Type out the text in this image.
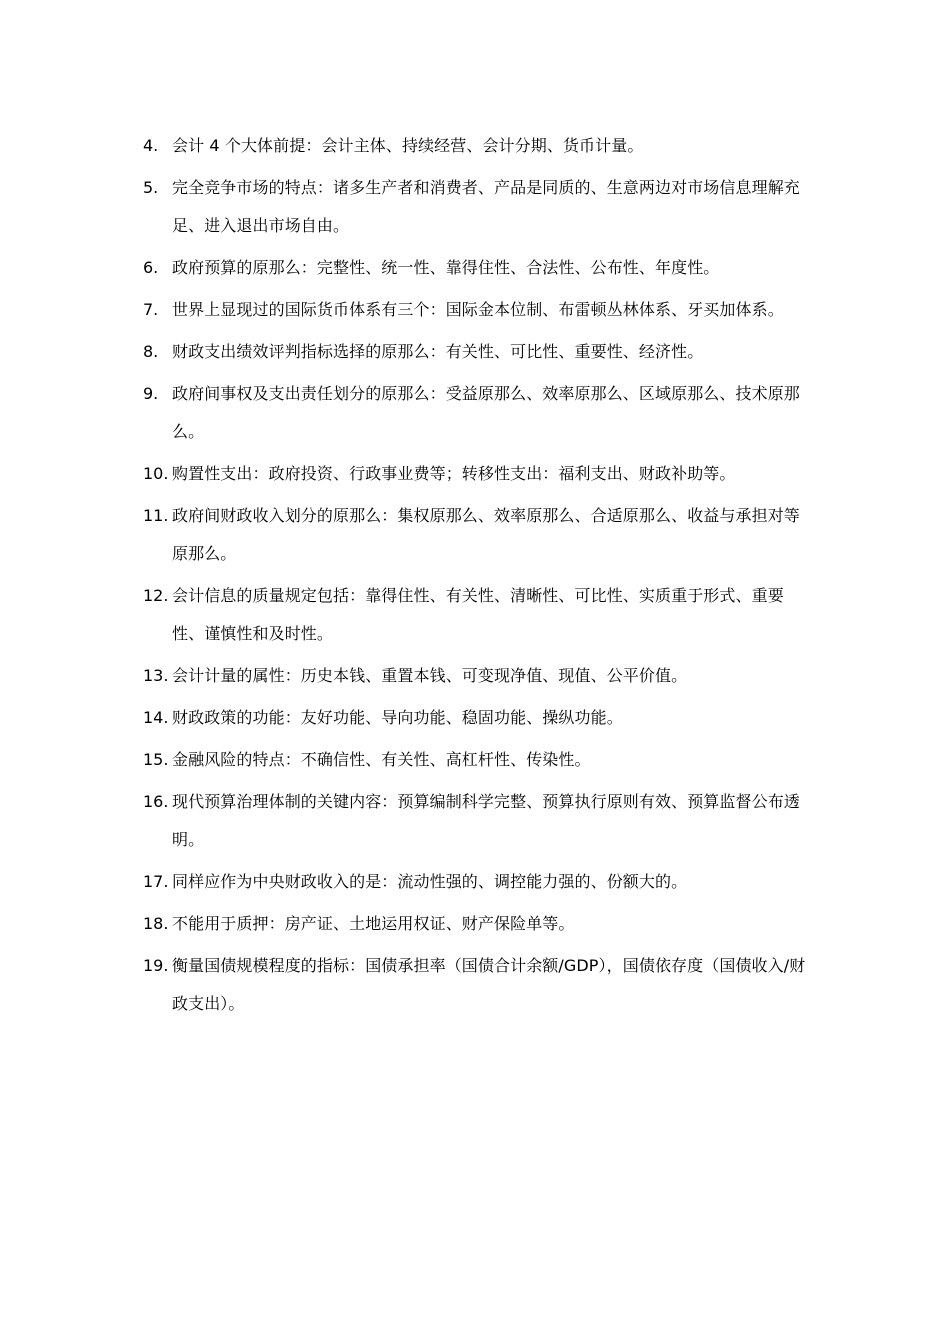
4. 会计 4 个大体前提：会计主体、持续经营、会计分期、货币计量。
5. 完全竞争市场的特点：诸多生产者和消费者、产品是同质的、生意两边对市场信息理解充足、进入退出市场自由。
6. 政府预算的原那么：完整性、统一性、靠得住性、合法性、公布性、年度性。
7. 世界上显现过的国际货币体系有三个：国际金本位制、布雷顿丛林体系、牙买加体系。
8. 财政支出绩效评判指标选择的原那么：有关性、可比性、重要性、经济性。
9. 政府间事权及支出责任划分的原那么：受益原那么、效率原那么、区域原那么、技术原那么。
10. 购置性支出：政府投资、行政事业费等；转移性支出：福利支出、财政补助等。
11. 政府间财政收入划分的原那么：集权原那么、效率原那么、合适原那么、收益与承担对等原那么。
12. 会计信息的质量规定包括：靠得住性、有关性、清晰性、可比性、实质重于形式、重要性、谨慎性和及时性。
13. 会计计量的属性：历史本钱、重置本钱、可变现净值、现值、公平价值。
14. 财政政策的功能：友好功能、导向功能、稳固功能、操纵功能。
15. 金融风险的特点：不确信性、有关性、高杠杆性、传染性。
16. 现代预算治理体制的关键内容：预算编制科学完整、预算执行原则有效、预算监督公布透明。
17. 同样应作为中央财政收入的是：流动性强的、调控能力强的、份额大的。
18. 不能用于质押：房产证、土地运用权证、财产保险单等。
19. 衡量国债规模程度的指标：国债承担率（国债合计余额/GDP），国债依存度（国债收入/财政支出）。
